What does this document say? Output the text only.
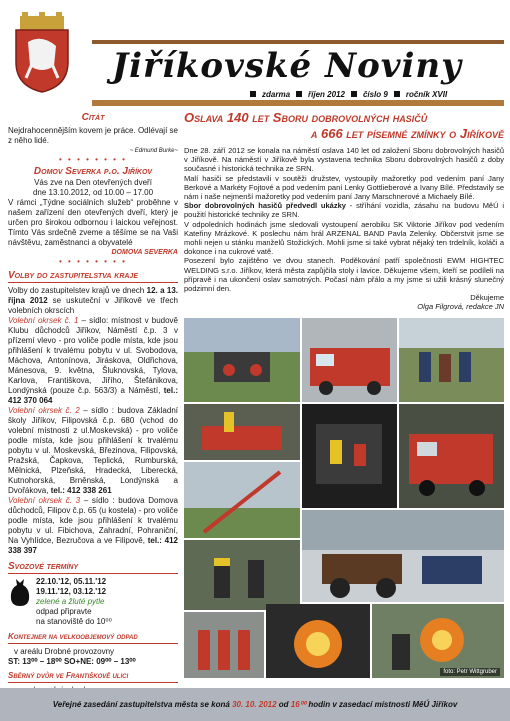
Jiříkovské Noviny
zdarma říjen 2012 číslo 9 ročník XVII
Citát
Nejdrahocennějším kovem je práce. Odlévají se z něho lidé.
~ Edmund Burke~
• • • • • • • •
Domov Severka p.o. Jiříkov
Vás zve na Den otevřených dveří
dne 13.10.2012, od 10.00 – 17.00
V rámci „Týdne sociálních služeb“ proběhne v našem zařízení den otevřených dveří, který je určen pro širokou odbornou i laickou veřejnost. Tímto Vás srdečně zveme a těšíme se na Vaši návštěvu, zaměstnanci a obyvatelé
DOMOVA SEVERKA
• • • • • • • •
Volby do zastupitelstva kraje
Volby do zastupitelstev krajů ve dnech 12. a 13. října 2012 se uskuteční v Jiříkově ve třech volebních okrscích
Volební okrsek č. 1 – sídlo: místnost v budově Klubu důchodců Jiříkov, Náměstí č.p. 3 v přízemí vlevo - pro voliče podle místa, kde jsou přihlášení k trvalému pobytu v ul. Svobodova, Máchova, Antonínova, Jiráskova, Oldřichova, Mánesova, 9. května, Šluknovská, Tylova, Karlova, Františkova, Jiřího, Štefánikova, Londýnská (pouze č.p. 563/3) a Náměstí, tel.: 412 370 064
Volební okrsek č. 2 – sídlo : budova Základní školy Jiříkov, Filipovská č.p. 680 (vchod do volební místnosti z ul.Moskevská) - pro voliče podle místa, kde jsou přihlášení k trvalému pobytu v ul. Moskevská, Březinova, Filipovská, Pražská, Čapkova, Teplická, Rumburská, Mělnická, Plzeňská, Hradecká, Liberecká, Kutnohorská, Brněnská, Londýnská a Dvořákova, tel.: 412 338 261
Volební okrsek č. 3 – sídlo : budova Domova důchodců, Filipov č.p. 65 (u kostela) - pro voliče podle místa, kde jsou přihlášení k trvalému pobytu v ul. Fibichova, Zahradní, Pohraniční, Na Vyhlídce, Bezručova a ve Filipově, tel.: 412 338 397
Svozové termíny
22.10.'12, 05.11.'12
19.11.'12, 03.12.'12
zelené a žluté pytle
odpad připravte
na stanoviště do 10⁰⁰
Kontejner na velkoobjemový odpad
v areálu Drobné provozovny
ST: 13⁰⁰ – 18⁰⁰ SO+NE: 09⁰⁰ – 13⁰⁰
Sběrný dvůr ve Františkově ulici
Oslava 140 let Sboru dobrovolných hasičů
a 666 let písemné zmínky o Jiříkově

Dne 28. září 2012 se konala na náměstí oslava 140 let od založení Sboru dobrovolných hasičů v Jiříkově. Na náměstí v Jiříkově byla vystavena technika Sboru dobrovolných hasičů z doby současné i historická technika ze SRN.

Malí hasiči se představili v soutěži družstev, vystoupily mažoretky pod vedením paní Jany Berkové a Markéty Fojtové a pod vedením paní Lenky Gottlieberové a Ivany Bílé. Představily se nám i naše nejmenší mažoretky pod vedením paní Jany Marschnerové a Michaely Bílé.

Sbor dobrovolných hasičů předvedl ukázky - stříhání vozidla, zásahu na budovu MěÚ i použití historické techniky ze SRN.

V odpoledních hodinách jsme sledovali vystoupení aerobiku SK Viktorie Jiříkov pod vedením Kateřiny Mrázkové. K poslechu nám hrál ARZENAL BAND Pavla Zelenky. Občerstvit jsme se mohli nejen u stánku manželů Stožických. Mohli jsme si také vybrat nějaký ten trdelník, koláči a dokonce i na cukrové vatě.

Posezení bylo zajištěno ve dvou stanech. Poděkování patří společnosti EWM HIGHTEC WELDING s.r.o. Jiříkov, která města zapůjčila stoly i lavice. Děkujeme všem, kteří se podíleli na přípravě i na ukončení oslav samotných. Počasí nám přálo a my jsme si užili krásný slunečný podzimní den.

Děkujeme

Olga Filgrová, redakce JN

foto: Petr Wittgruber
Veřejné zasedání zastupitelstva města se koná
30. 10. 2012
od
16⁰⁰
hodin v zasedací místnosti MěÚ Jiříkov
